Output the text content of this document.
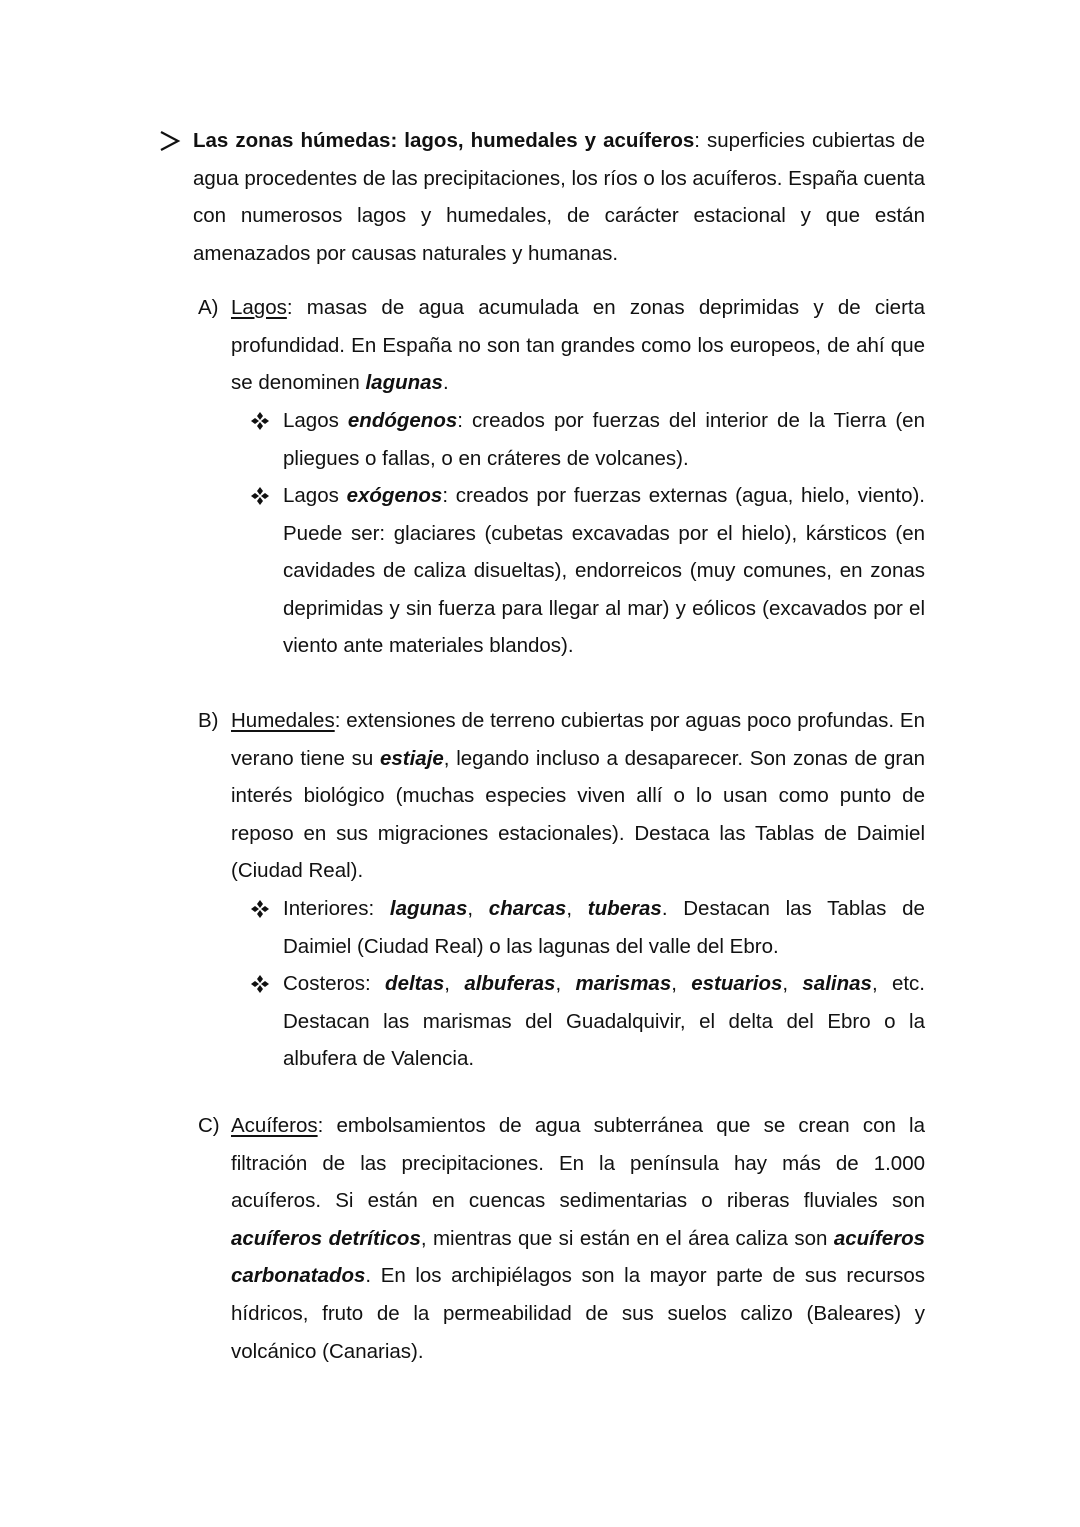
Las zonas húmedas: lagos, humedales y acuíferos: superficies cubiertas de agua procedentes de las precipitaciones, los ríos o los acuíferos. España cuenta con numerosos lagos y humedales, de carácter estacional y que están amenazados por causas naturales y humanas.

A) Lagos: masas de agua acumulada en zonas deprimidas y de cierta profundidad. En España no son tan grandes como los europeos, de ahí que se denominen lagunas.

Lagos endógenos: creados por fuerzas del interior de la Tierra (en pliegues o fallas, o en cráteres de volcanes).

Lagos exógenos: creados por fuerzas externas (agua, hielo, viento). Puede ser: glaciares (cubetas excavadas por el hielo), kársticos (en cavidades de caliza disueltas), endorreicos (muy comunes, en zonas deprimidas y sin fuerza para llegar al mar) y eólicos (excavados por el viento ante materiales blandos).

B) Humedales: extensiones de terreno cubiertas por aguas poco profundas. En verano tiene su estiaje, legando incluso a desaparecer. Son zonas de gran interés biológico (muchas especies viven allí o lo usan como punto de reposo en sus migraciones estacionales). Destaca las Tablas de Daimiel (Ciudad Real).

Interiores: lagunas, charcas, tuberas. Destacan las Tablas de Daimiel (Ciudad Real) o las lagunas del valle del Ebro.

Costeros: deltas, albuferas, marismas, estuarios, salinas, etc. Destacan las marismas del Guadalquivir, el delta del Ebro o la albufera de Valencia.

C) Acuíferos: embolsamientos de agua subterránea que se crean con la filtración de las precipitaciones. En la península hay más de 1.000 acuíferos. Si están en cuencas sedimentarias o riberas fluviales son acuíferos detríticos, mientras que si están en el área caliza son acuíferos carbonatados. En los archipiélagos son la mayor parte de sus recursos hídricos, fruto de la permeabilidad de sus suelos calizo (Baleares) y volcánico (Canarias).
